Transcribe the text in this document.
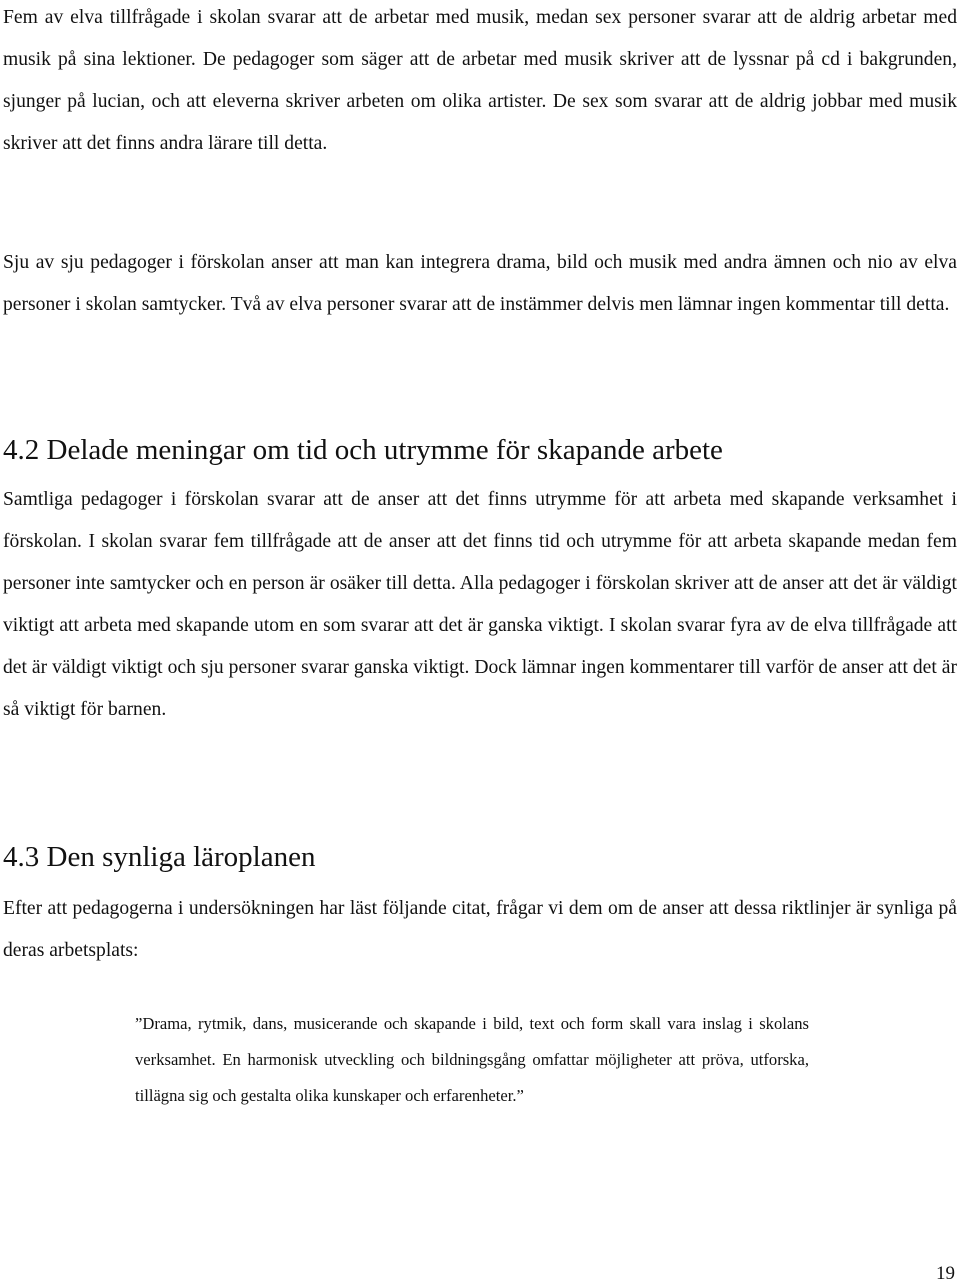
Fem av elva tillfrågade i skolan svarar att de arbetar med musik, medan sex personer svarar att de aldrig arbetar med musik på sina lektioner. De pedagoger som säger att de arbetar med musik skriver att de lyssnar på cd i bakgrunden, sjunger på lucian, och att eleverna skriver arbeten om olika artister. De sex som svarar att de aldrig jobbar med musik skriver att det finns andra lärare till detta.

Sju av sju pedagoger i förskolan anser att man kan integrera drama, bild och musik med andra ämnen och nio av elva personer i skolan samtycker. Två av elva personer svarar att de instämmer delvis men lämnar ingen kommentar till detta.

4.2 Delade meningar om tid och utrymme för skapande arbete

Samtliga pedagoger i förskolan svarar att de anser att det finns utrymme för att arbeta med skapande verksamhet i förskolan. I skolan svarar fem tillfrågade att de anser att det finns tid och utrymme för att arbeta skapande medan fem personer inte samtycker och en person är osäker till detta. Alla pedagoger i förskolan skriver att de anser att det är väldigt viktigt att arbeta med skapande utom en som svarar att det är ganska viktigt. I skolan svarar fyra av de elva tillfrågade att det är väldigt viktigt och sju personer svarar ganska viktigt. Dock lämnar ingen kommentarer till varför de anser att det är så viktigt för barnen.

4.3 Den synliga läroplanen

Efter att pedagogerna i undersökningen har läst följande citat, frågar vi dem om de anser att dessa riktlinjer är synliga på deras arbetsplats:

”Drama, rytmik, dans, musicerande och skapande i bild, text och form skall vara inslag i skolans verksamhet. En harmonisk utveckling och bildningsgång omfattar möjligheter att pröva, utforska, tillägna sig och gestalta olika kunskaper och erfarenheter.”
19
